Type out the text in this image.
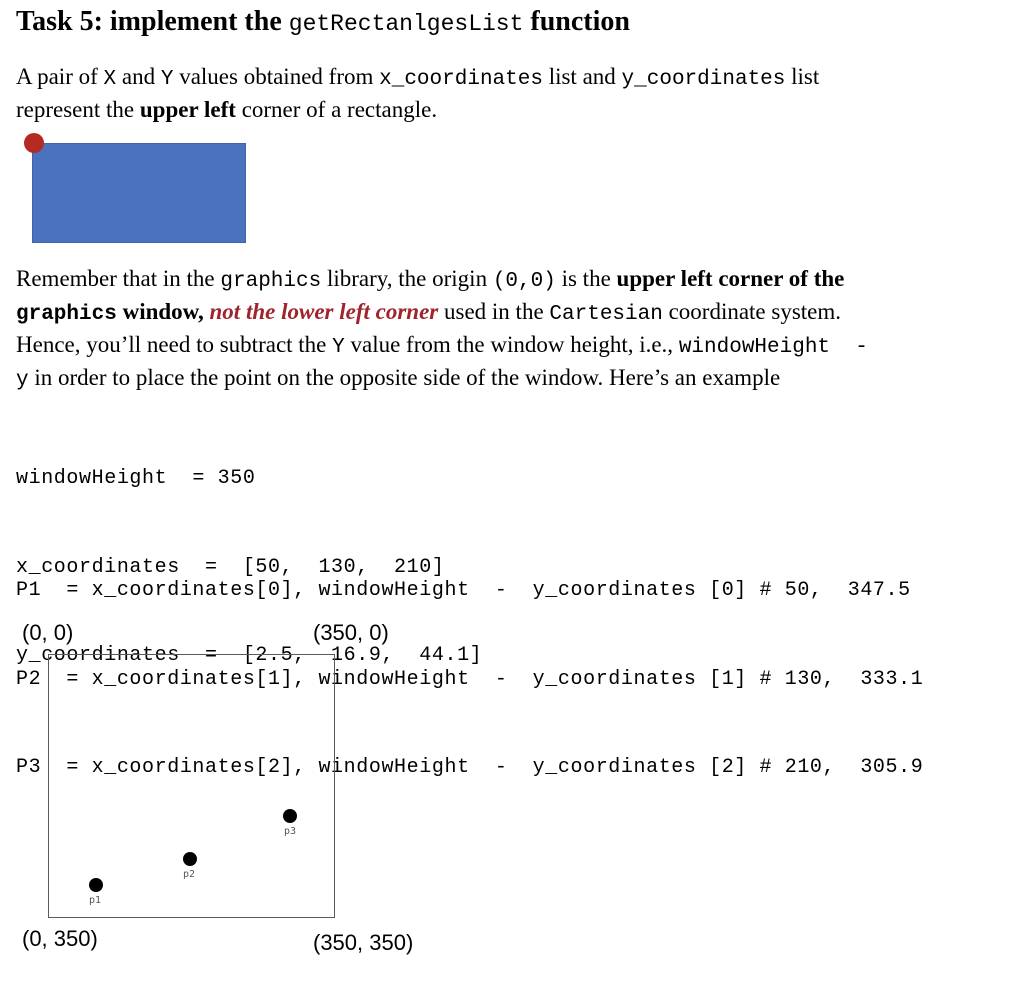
Task 5: implement the getRectanlgesList function
A pair of X and Y values obtained from x_coordinates list and y_coordinates list
represent the upper left corner of a rectangle.
Remember that in the graphics library, the origin (0,0) is the upper left corner of the
graphics window, not the lower left corner used in the Cartesian coordinate system.
Hence, you’ll need to subtract the Y value from the window height, i.e., windowHeight  -
y in order to place the point on the opposite side of the window. Here’s an example

windowHeight  = 350

x_coordinates  =  [50,  130,  210]

y_coordinates  =  [2.5,  16.9,  44.1]

P1  = x_coordinates[0], windowHeight  -  y_coordinates [0] # 50,  347.5

P2  = x_coordinates[1], windowHeight  -  y_coordinates [1] # 130,  333.1

P3  = x_coordinates[2], windowHeight  -  y_coordinates [2] # 210,  305.9

(0, 0)	(350, 0)
(0, 350)	(350, 350)
p1
p2
p3
